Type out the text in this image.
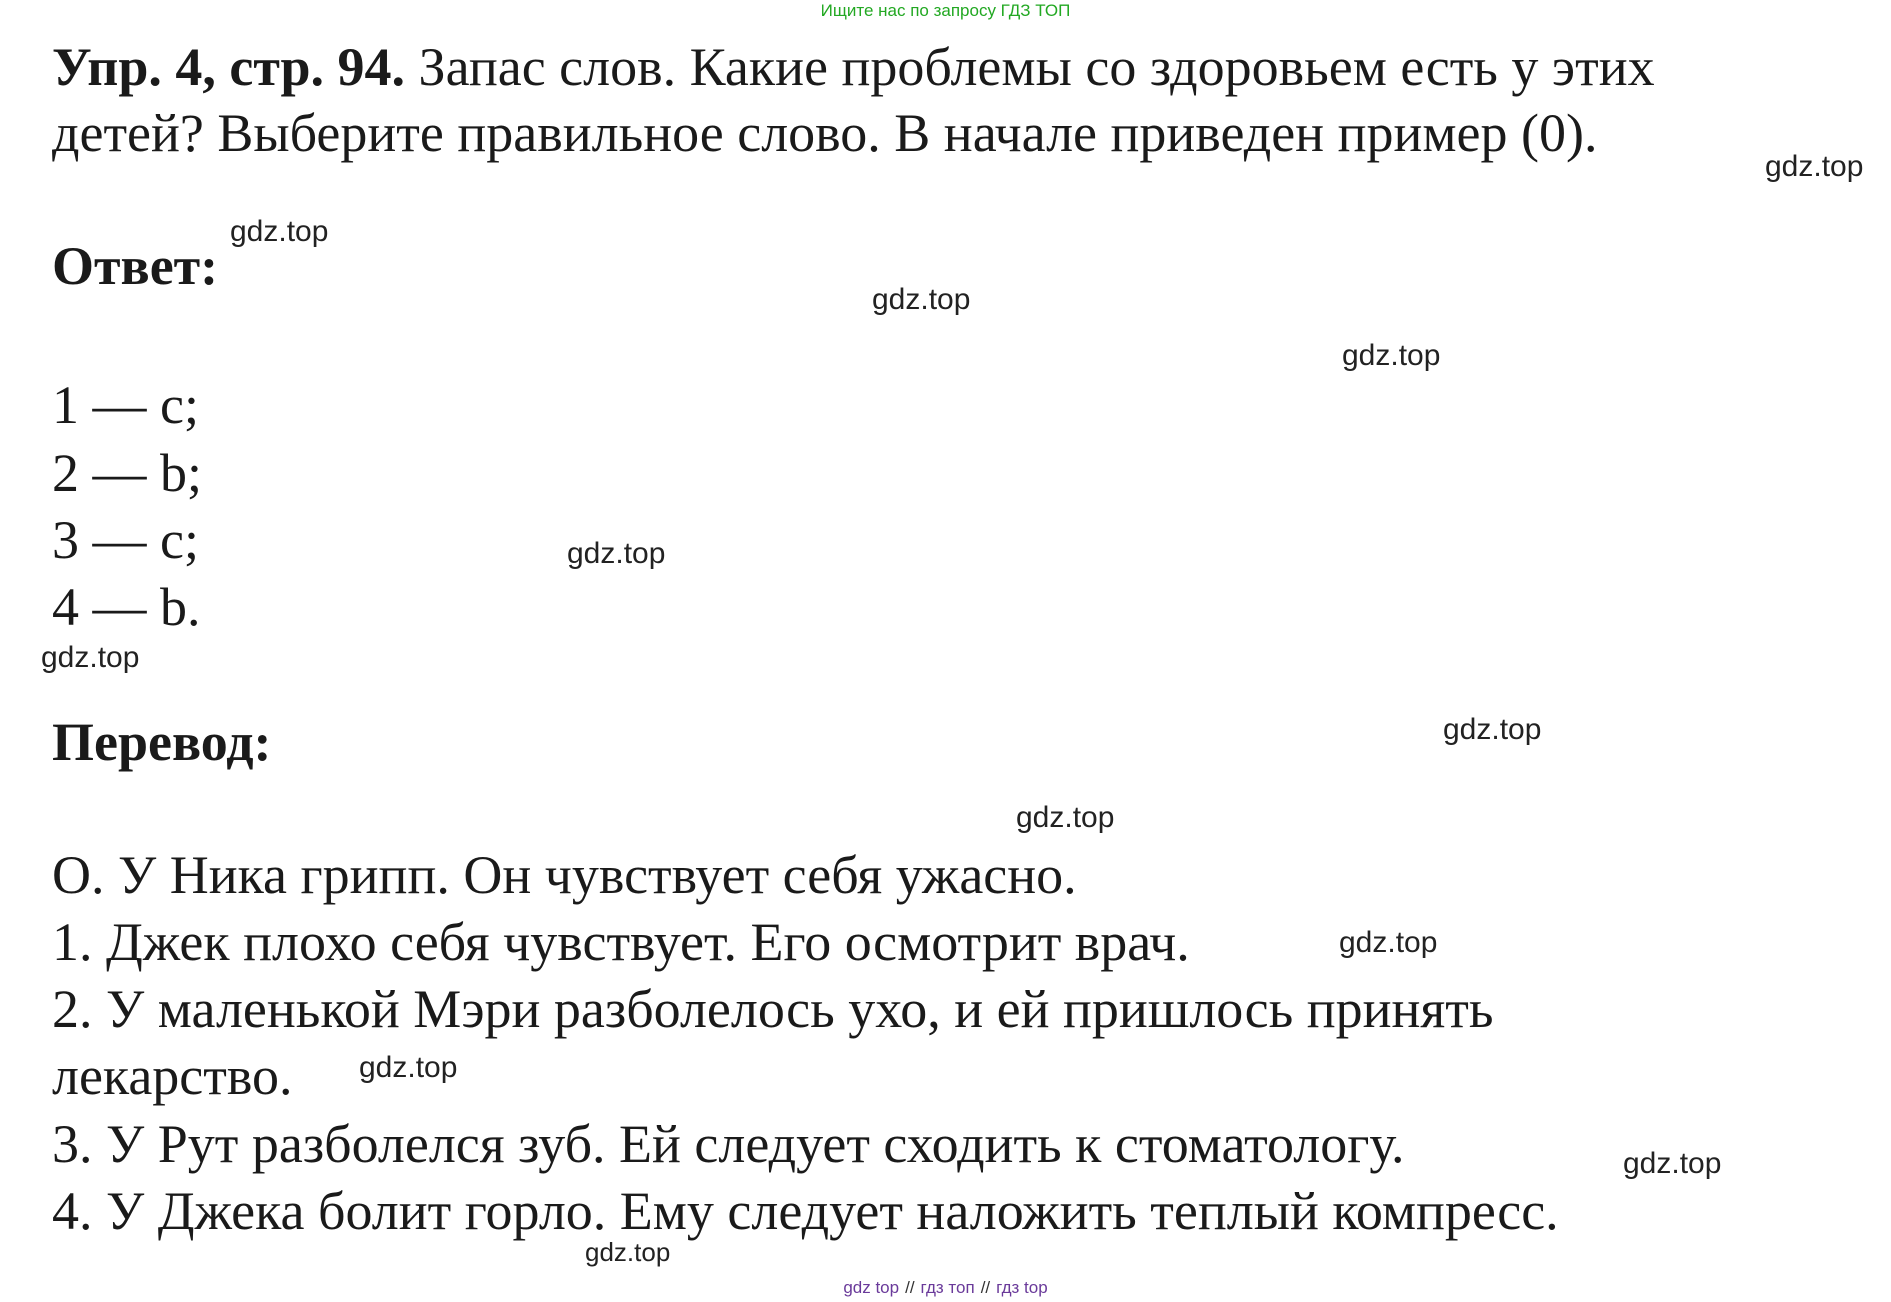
Ищите нас по запросу ГДЗ ТОП
Упр. 4, стр. 94. Запас слов. Какие проблемы со здоровьем есть у этих
детей? Выберите правильное слово. В начале приведен пример (0).
Ответ:
1 — c;
2 — b;
3 — c;
4 — b.
Перевод:
О. У Ника грипп. Он чувствует себя ужасно.
1. Джек плохо себя чувствует. Его осмотрит врач.
2. У маленькой Мэри разболелось ухо, и ей пришлось принять
лекарство.
3. У Рут разболелся зуб. Ей следует сходить к стоматологу.
4. У Джека болит горло. Ему следует наложить теплый компресс.
gdz.top
gdz.top
gdz.top
gdz.top
gdz.top
gdz.top
gdz.top
gdz.top
gdz.top
gdz.top
gdz.top
gdz.top
gdz top // гдз топ // гдз top
